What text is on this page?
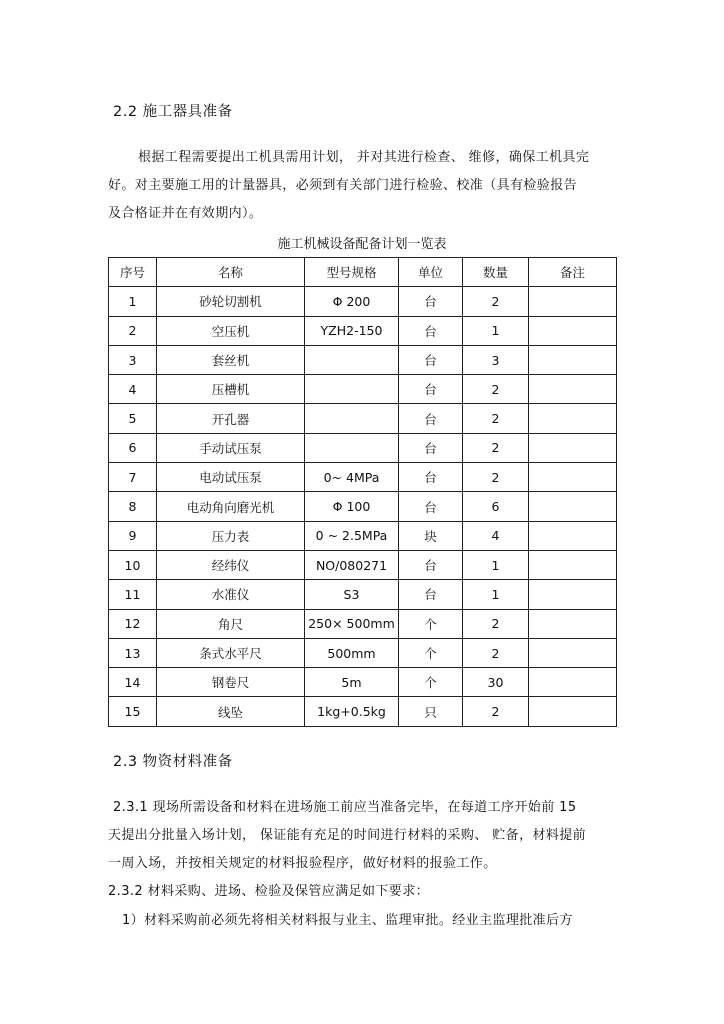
2.2 施工器具准备
根据工程需要提出工机具需用计划， 并对其进行检查、 维修，确保工机具完
好。对主要施工用的计量器具，必须到有关部门进行检验、校准（具有检验报告
及合格证并在有效期内）。
施工机械设备配备计划一览表
序号	名称	型号规格	单位	数量	备注
1	砂轮切割机	Φ 200	台	2	
2	空压机	YZH2-150	台	1	
3	套丝机		台	3	
4	压槽机		台	2	
5	开孔器		台	2	
6	手动试压泵		台	2	
7	电动试压泵	0~ 4MPa	台	2	
8	电动角向磨光机	Φ 100	台	6	
9	压力表	0 ~ 2.5MPa	块	4	
10	经纬仪	NO/080271	台	1	
11	水准仪	S3	台	1	
12	角尺	250× 500mm	个	2	
13	条式水平尺	500mm	个	2	
14	钢卷尺	5m	个	30	
15	线坠	1kg+0.5kg	只	2	
2.3 物资材料准备
2.3.1 现场所需设备和材料在进场施工前应当准备完毕，在每道工序开始前 15
天提出分批量入场计划， 保证能有充足的时间进行材料的采购、 贮备，材料提前
一周入场，并按相关规定的材料报验程序，做好材料的报验工作。
2.3.2 材料采购、进场、检验及保管应满足如下要求：
1）材料采购前必须先将相关材料报与业主、监理审批。经业主监理批准后方
